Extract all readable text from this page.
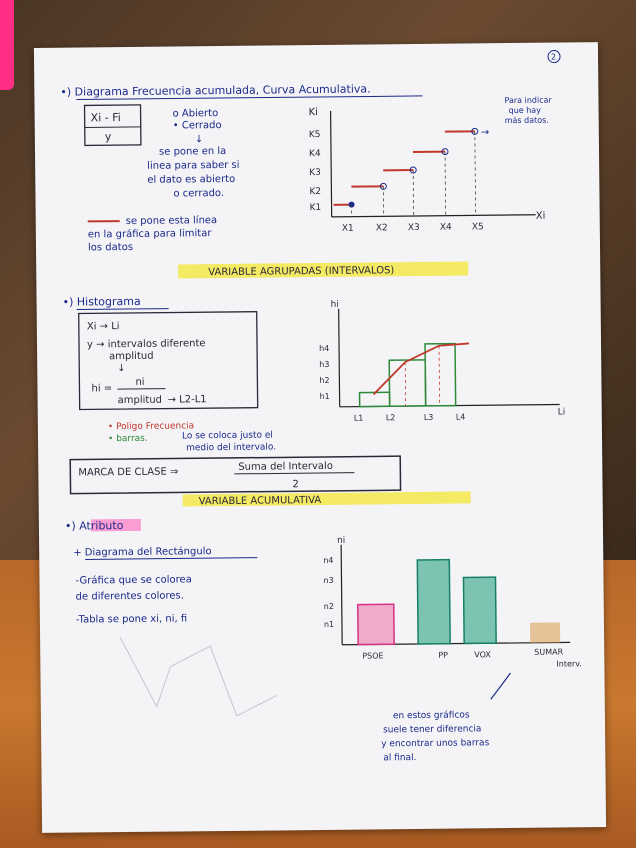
2
•) Diagrama Frecuencia acumulada, Curva Acumulativa.
Xi - Fi
y
o Abierto
• Cerrado
↓
se pone en la
linea para saber si
el dato es abierto
o cerrado.
se pone esta línea
en la gráfica para limitar
los datos
Ki
K5
K4
K3
K2
K1
X1 X2 X3 X4 X5
Xi
→
Para indicar
que hay
más datos.
VARIABLE AGRUPADAS (INTERVALOS)
•) Histograma
Xi → Li
y → intervalos diferente
amplitud
↓
hi =
ni
amplitud → L2-L1
• Poligo Frecuencia
• barras.	Lo se coloca justo el
medio del intervalo.
hi
h4
h3
h2
h1
L1	L2	L3	L4	Li
MARCA DE CLASE ⇒	Suma del Intervalo
2
VARIABLE ACUMULATIVA
•) Atributo
+ Diagrama del Rectángulo
-Gráfica que se colorea
de diferentes colores.
-Tabla se pone xi, ni, fi
ni
n4
n3
n2
n1
PSOE	PP	VOX	SUMAR
Interv.
en estos gráficos
suele tener diferencia
y encontrar unos barras
al final.
